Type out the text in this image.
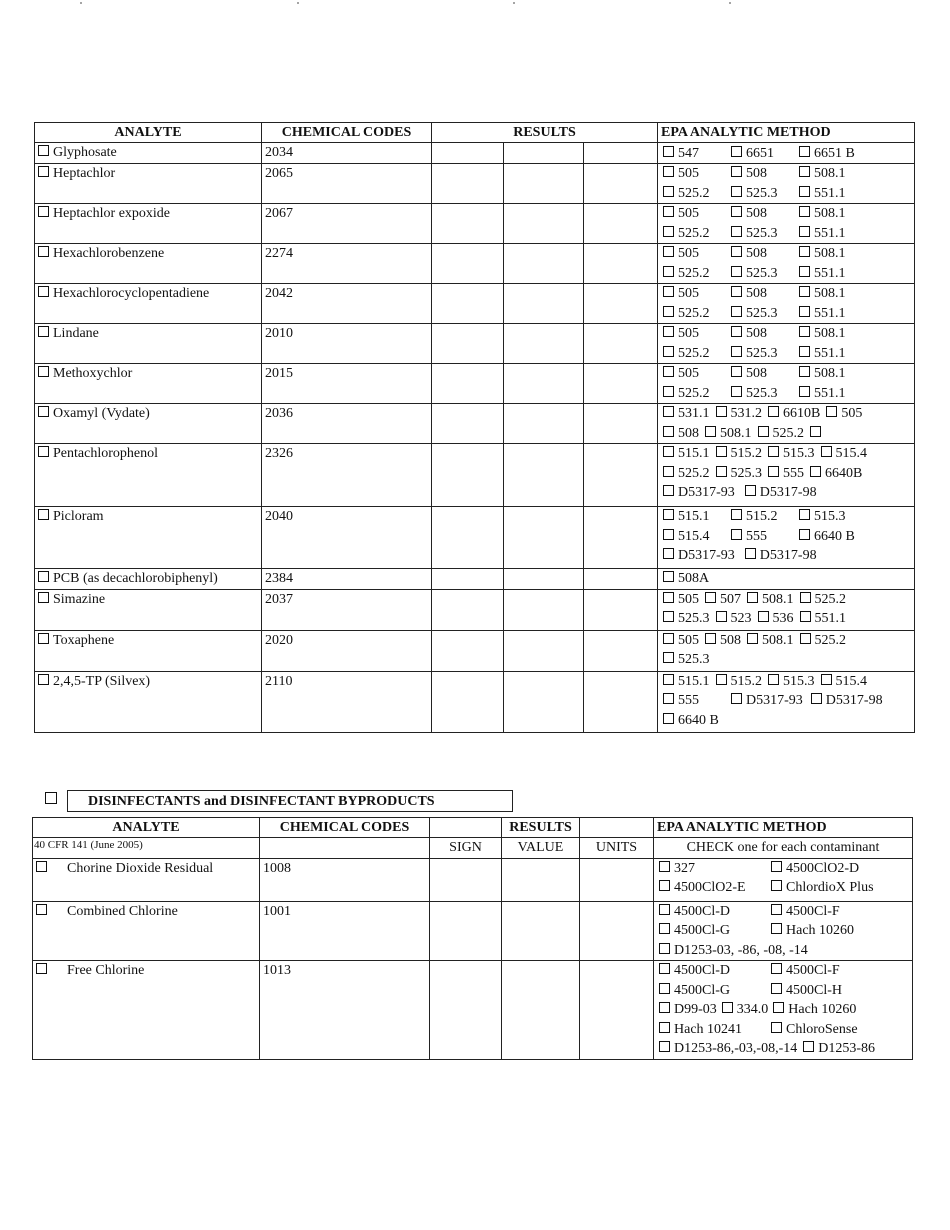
ANALYTE	CHEMICAL CODES	RESULTS			EPA ANALYTIC METHOD
Glyphosate	2034				547 6651 6651 B

Heptachlor	2065				505 508 508.1
525.2 525.3 551.1

Heptachlor expoxide	2067				505 508 508.1
525.2 525.3 551.1

Hexachlorobenzene	2274				505 508 508.1
525.2 525.3 551.1

Hexachlorocyclopentadiene	2042				505 508 508.1
525.2 525.3 551.1

Lindane	2010				505 508 508.1
525.2 525.3 551.1

Methoxychlor	2015				505 508 508.1
525.2 525.3 551.1

Oxamyl (Vydate)	2036				531.1 531.2 6610B 505
508 508.1 525.2

Pentachlorophenol	2326				515.1 515.2 515.3 515.4
525.2 525.3 555 6640B
D5317-93 D5317-98

Picloram	2040				515.1 515.2 515.3
515.4 555 6640 B
D5317-93 D5317-98

PCB (as decachlorobiphenyl)	2384				508A

Simazine	2037				505 507 508.1 525.2
525.3 523 536 551.1

Toxaphene	2020				505 508 508.1 525.2
525.3

2,4,5-TP (Silvex)	2110				515.1 515.2 515.3 515.4
555 D5317-93 D5317-98
6640 B
DISINFECTANTS and DISINFECTANT BYPRODUCTS
ANALYTE	CHEMICAL CODES		RESULTS		EPA ANALYTIC METHOD

40 CFR 141 (June 2005)		SIGN	VALUE	UNITS	CHECK one for each contaminant
Chorine Dioxide Residual	1008				327 4500ClO2-D
4500ClO2-E ChlordioX Plus

Combined Chlorine	1001				4500Cl-D 4500Cl-F
4500Cl-G Hach 10260
D1253-03, -86, -08, -14

Free Chlorine	1013				4500Cl-D 4500Cl-F
4500Cl-G 4500Cl-H
D99-03 334.0 Hach 10260
Hach 10241 ChloroSense
D1253-86,-03,-08,-14 D1253-86
